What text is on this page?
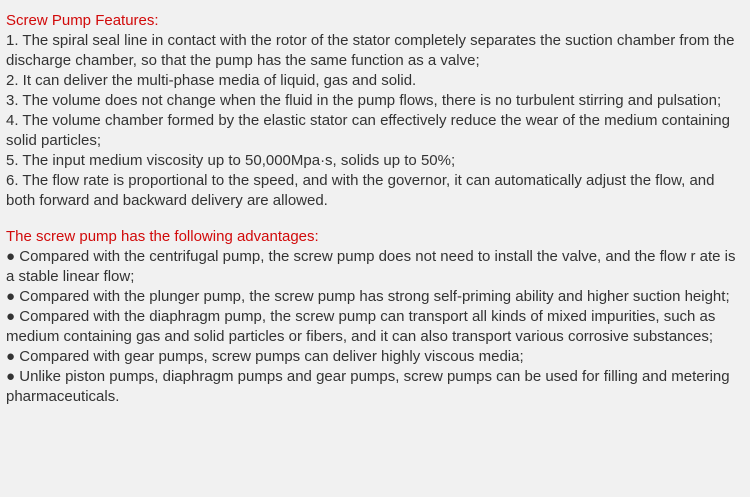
Screw Pump Features:

1. The spiral seal line in contact with the rotor of the stator completely separates the suction chamber from the discharge chamber, so that the pump has the same function as a valve;

2. It can deliver the multi-phase media of liquid, gas and solid.

3. The volume does not change when the fluid in the pump flows, there is no turbulent stirring and pulsation;

4. The volume chamber formed by the elastic stator can effectively reduce the wear of the medium containing solid particles;

5. The input medium viscosity up to 50,000Mpa·s, solids up to 50%;

6. The flow rate is proportional to the speed, and with the governor, it can automatically adjust the flow, and both forward and backward delivery are allowed.

The screw pump has the following advantages:

● Compared with the centrifugal pump, the screw pump does not need to install the valve, and the flow r ate is a stable linear flow;

● Compared with the plunger pump, the screw pump has strong self-priming ability and higher suction height;

● Compared with the diaphragm pump, the screw pump can transport all kinds of mixed impurities, such as medium containing gas and solid particles or fibers, and it can also transport various corrosive substances;

● Compared with gear pumps, screw pumps can deliver highly viscous media;

● Unlike piston pumps, diaphragm pumps and gear pumps, screw pumps can be used for filling and metering pharmaceuticals.
